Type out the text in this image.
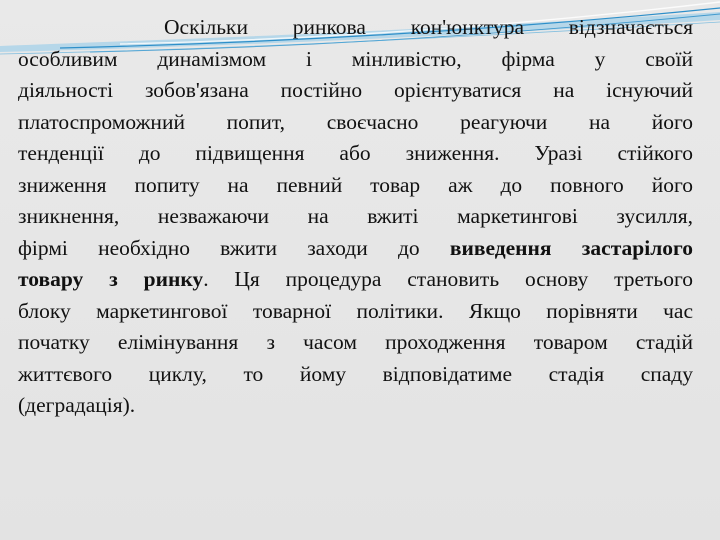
Оскільки ринкова кон'юнктура відзначається
особливим динамізмом і мінливістю, фірма у своїй
діяльності зобов'язана постійно орієнтуватися на існуючий
платоспроможний попит, своєчасно реагуючи на його
тенденції до підвищення або зниження. Уразі стійкого
зниження попиту на певний товар аж до повного його
зникнення, незважаючи на вжиті маркетингові зусилля,
фірмі необхідно вжити заходи до виведення застарілого
товару з ринку. Ця процедура становить основу третього
блоку маркетингової товарної політики. Якщо порівняти час
початку елімінування з часом проходження товаром стадій
життєвого циклу, то йому відповідатиме стадія спаду
(деградація).
